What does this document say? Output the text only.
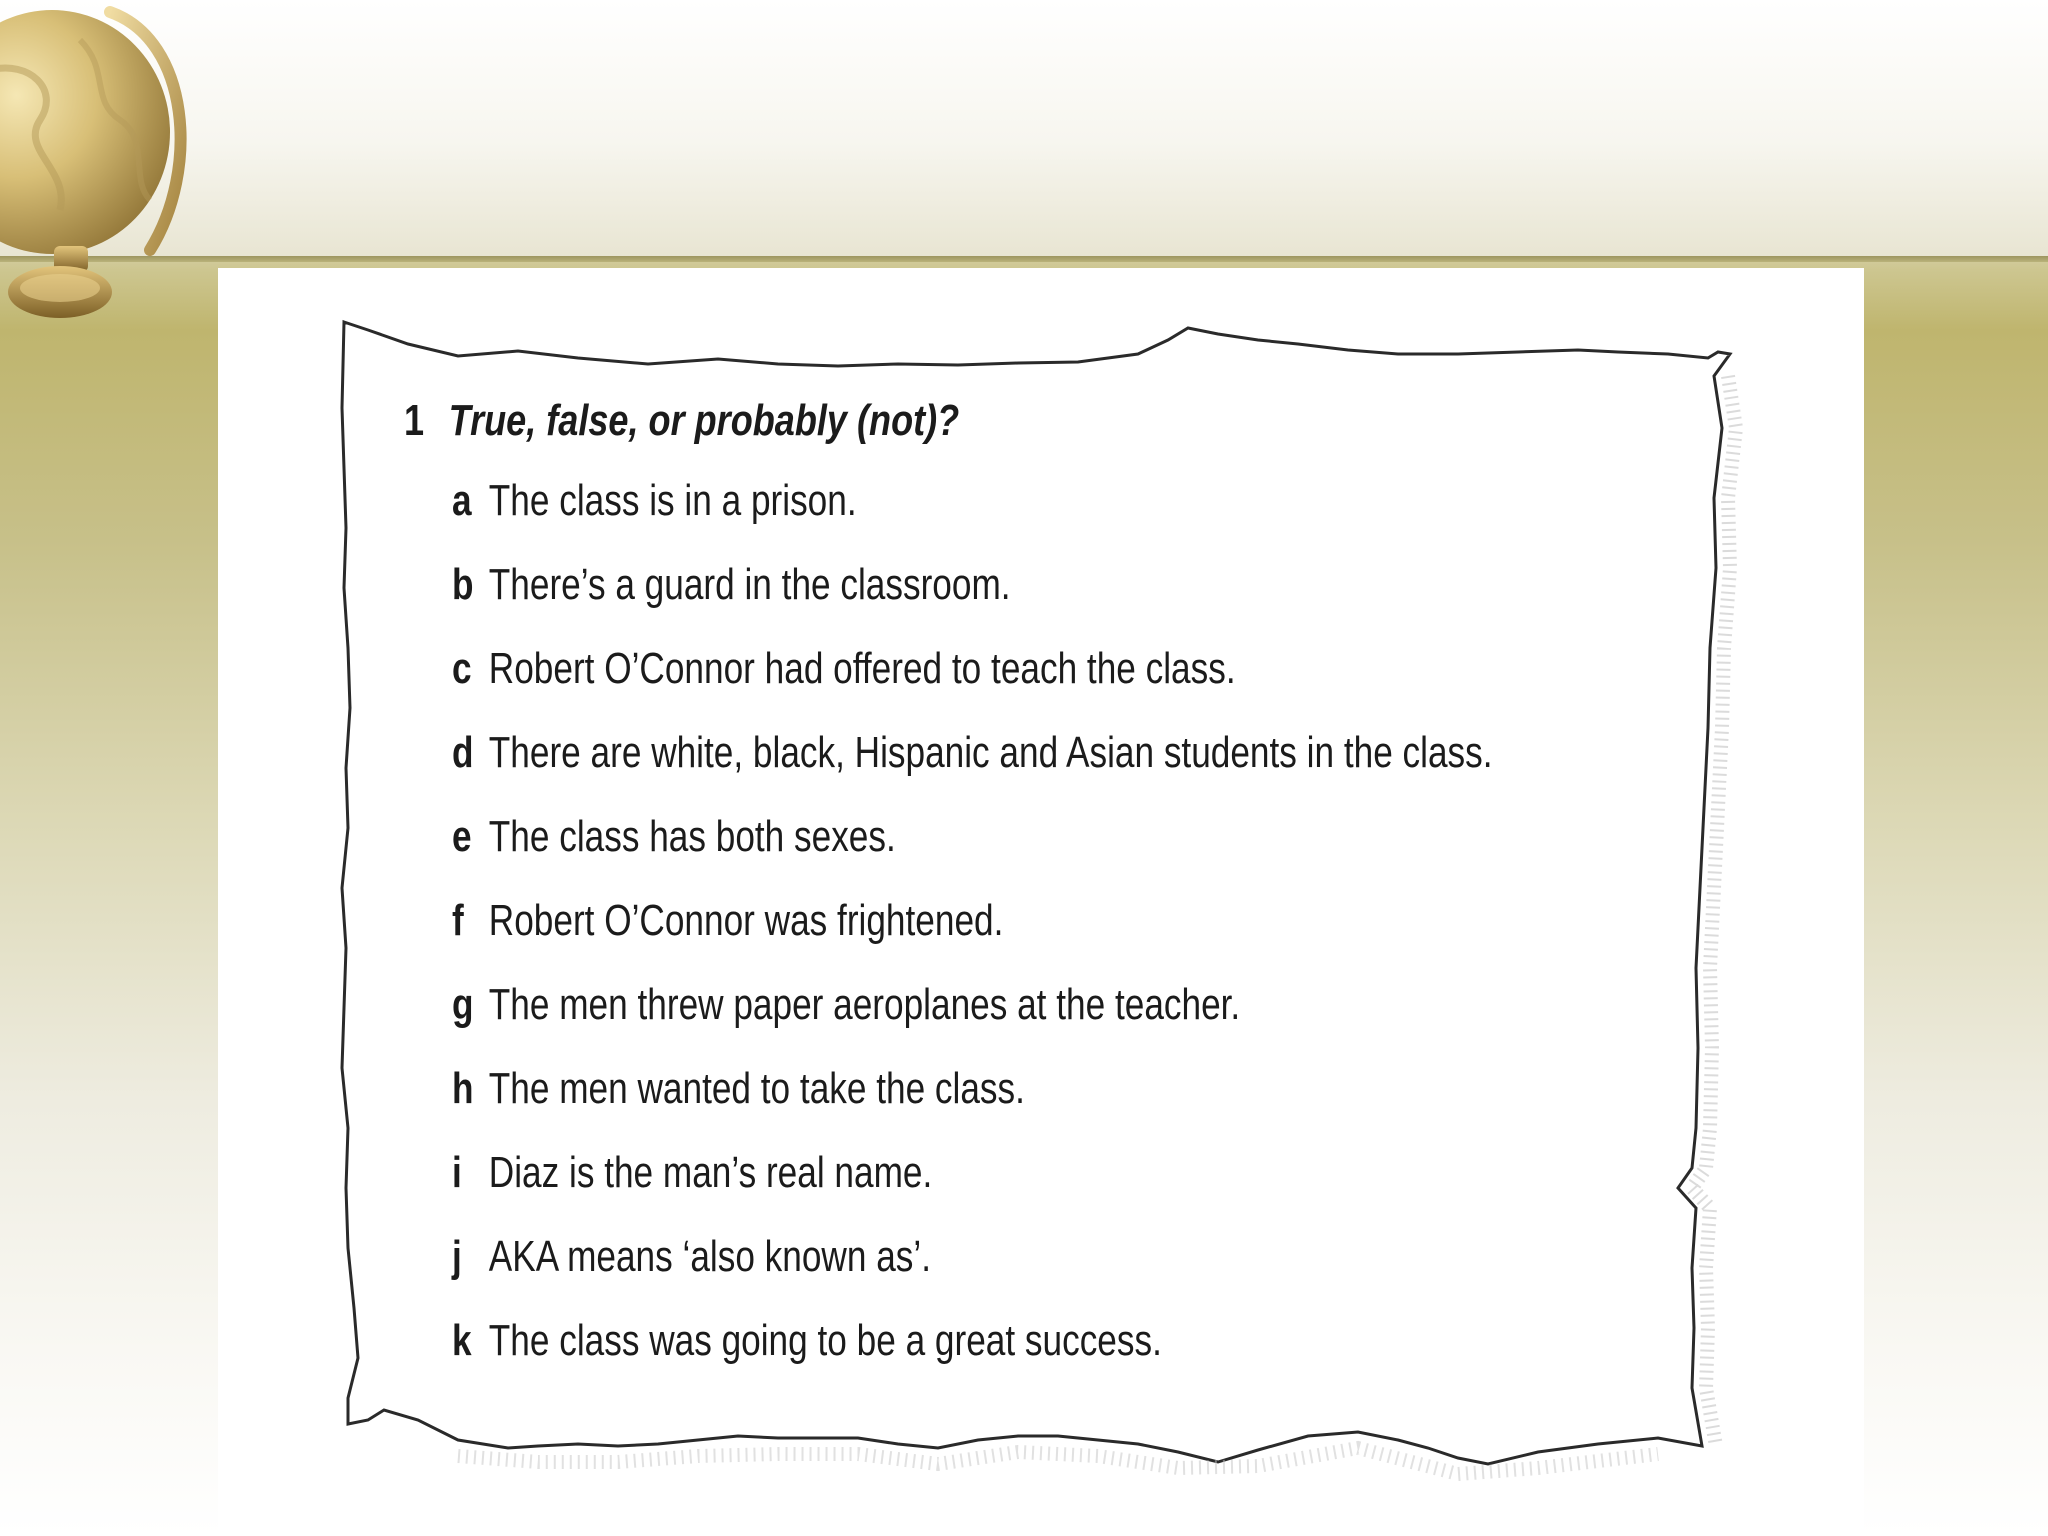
1 True, false, or probably (not)?
a The class is in a prison.
b There’s a guard in the classroom.
c Robert O’Connor had offered to teach the class.
d There are white, black, Hispanic and Asian students in the class.
e The class has both sexes.
f Robert O’Connor was frightened.
g The men threw paper aeroplanes at the teacher.
h The men wanted to take the class.
i Diaz is the man’s real name.
j AKA means ‘also known as’.
k The class was going to be a great success.
